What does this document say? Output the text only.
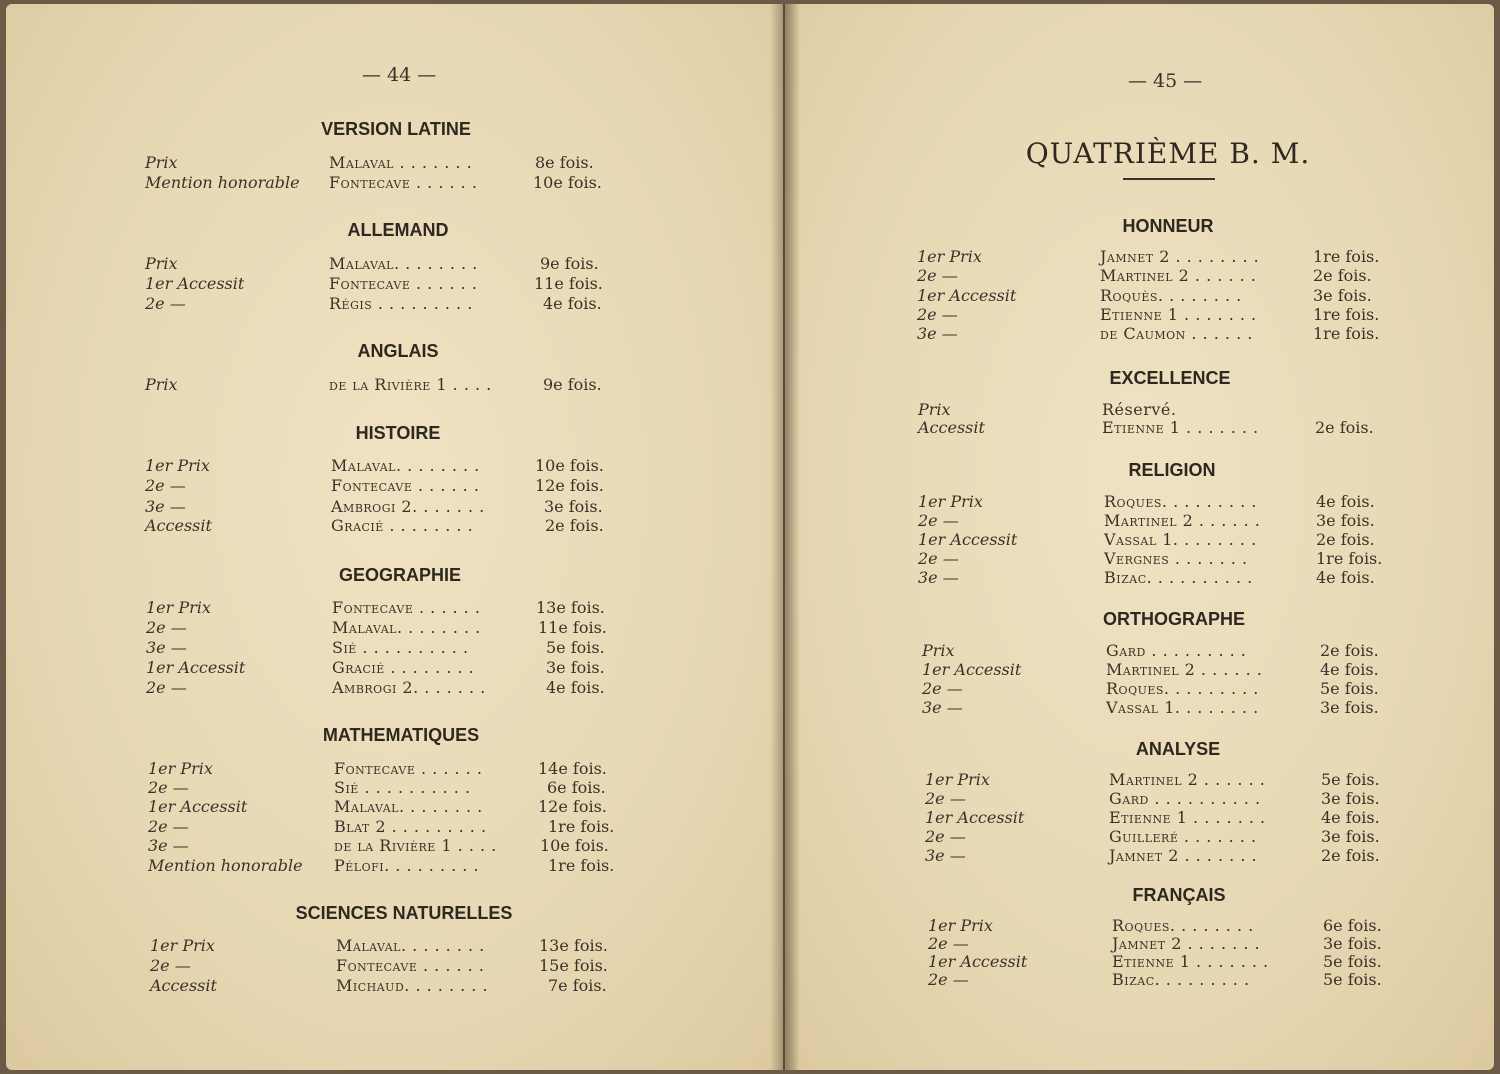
— 44 —
VERSION LATINE
Prix	Malaval . . . . . . .	8e fois.
Mention honorable Fontecave . . . . . .	10e fois.
ALLEMAND
Prix	Malaval. . . . . . . .	9e fois.
1er Accessit	Fontecave . . . . . .	11e fois.
2e —	Régis . . . . . . . . .	4e fois.
ANGLAIS
Prix	de la Rivière 1 . . . .	9e fois.
HISTOIRE
1er Prix	Malaval. . . . . . . .	10e fois.
2e —	Fontecave . . . . . .	12e fois.
3e —	Ambrogi 2. . . . . . .	3e fois.
Accessit	Gracié . . . . . . . .	2e fois.
GEOGRAPHIE
1er Prix	Fontecave . . . . . .	13e fois.
2e —	Malaval. . . . . . . .	11e fois.
3e —	Sié . . . . . . . . . .	5e fois.
1er Accessit	Gracié . . . . . . . .	3e fois.
2e —	Ambrogi 2. . . . . . .	4e fois.
MATHEMATIQUES
1er Prix	Fontecave . . . . . .	14e fois.
2e —	Sié . . . . . . . . . .	6e fois.
1er Accessit	Malaval. . . . . . . .	12e fois.
2e —	Blat 2 . . . . . . . . .	1re fois.
3e —	de la Rivière 1 . . . .	10e fois.
Mention honorable Pélofi. . . . . . . . .	1re fois.
SCIENCES NATURELLES
1er Prix	Malaval. . . . . . . .	13e fois.
2e —	Fontecave . . . . . .	15e fois.
Accessit	Michaud. . . . . . . .	7e fois.
— 45 —
QUATRIÈME B. M.
HONNEUR
1er Prix	Jamnet 2 . . . . . . . .	1re fois.
2e —	Martinel 2 . . . . . .	2e fois.
1er Accessit	Roquès. . . . . . . .	3e fois.
2e —	Etienne 1 . . . . . . .	1re fois.
3e —	de Caumon . . . . . .	1re fois.
EXCELLENCE
Prix	Réservé.
Accessit	Etienne 1 . . . . . . .	2e fois.
RELIGION
1er Prix	Roques. . . . . . . . .	4e fois.
2e —	Martinel 2 . . . . . .	3e fois.
1er Accessit	Vassal 1. . . . . . . .	2e fois.
2e —	Vergnes . . . . . . .	1re fois.
3e —	Bizac. . . . . . . . . .	4e fois.
ORTHOGRAPHE
Prix	Gard . . . . . . . . .	2e fois.
1er Accessit	Martinel 2 . . . . . .	4e fois.
2e —	Roques. . . . . . . . .	5e fois.
3e —	Vassal 1. . . . . . . .	3e fois.
ANALYSE
1er Prix	Martinel 2 . . . . . .	5e fois.
2e —	Gard . . . . . . . . . .	3e fois.
1er Accessit	Etienne 1 . . . . . . .	4e fois.
2e —	Guilleré . . . . . . .	3e fois.
3e —	Jamnet 2 . . . . . . .	2e fois.
FRANÇAIS
1er Prix	Roques. . . . . . . .	6e fois.
2e —	Jamnet 2 . . . . . . .	3e fois.
1er Accessit	Etienne 1 . . . . . . .	5e fois.
2e —	Bizac. . . . . . . . .	5e fois.
